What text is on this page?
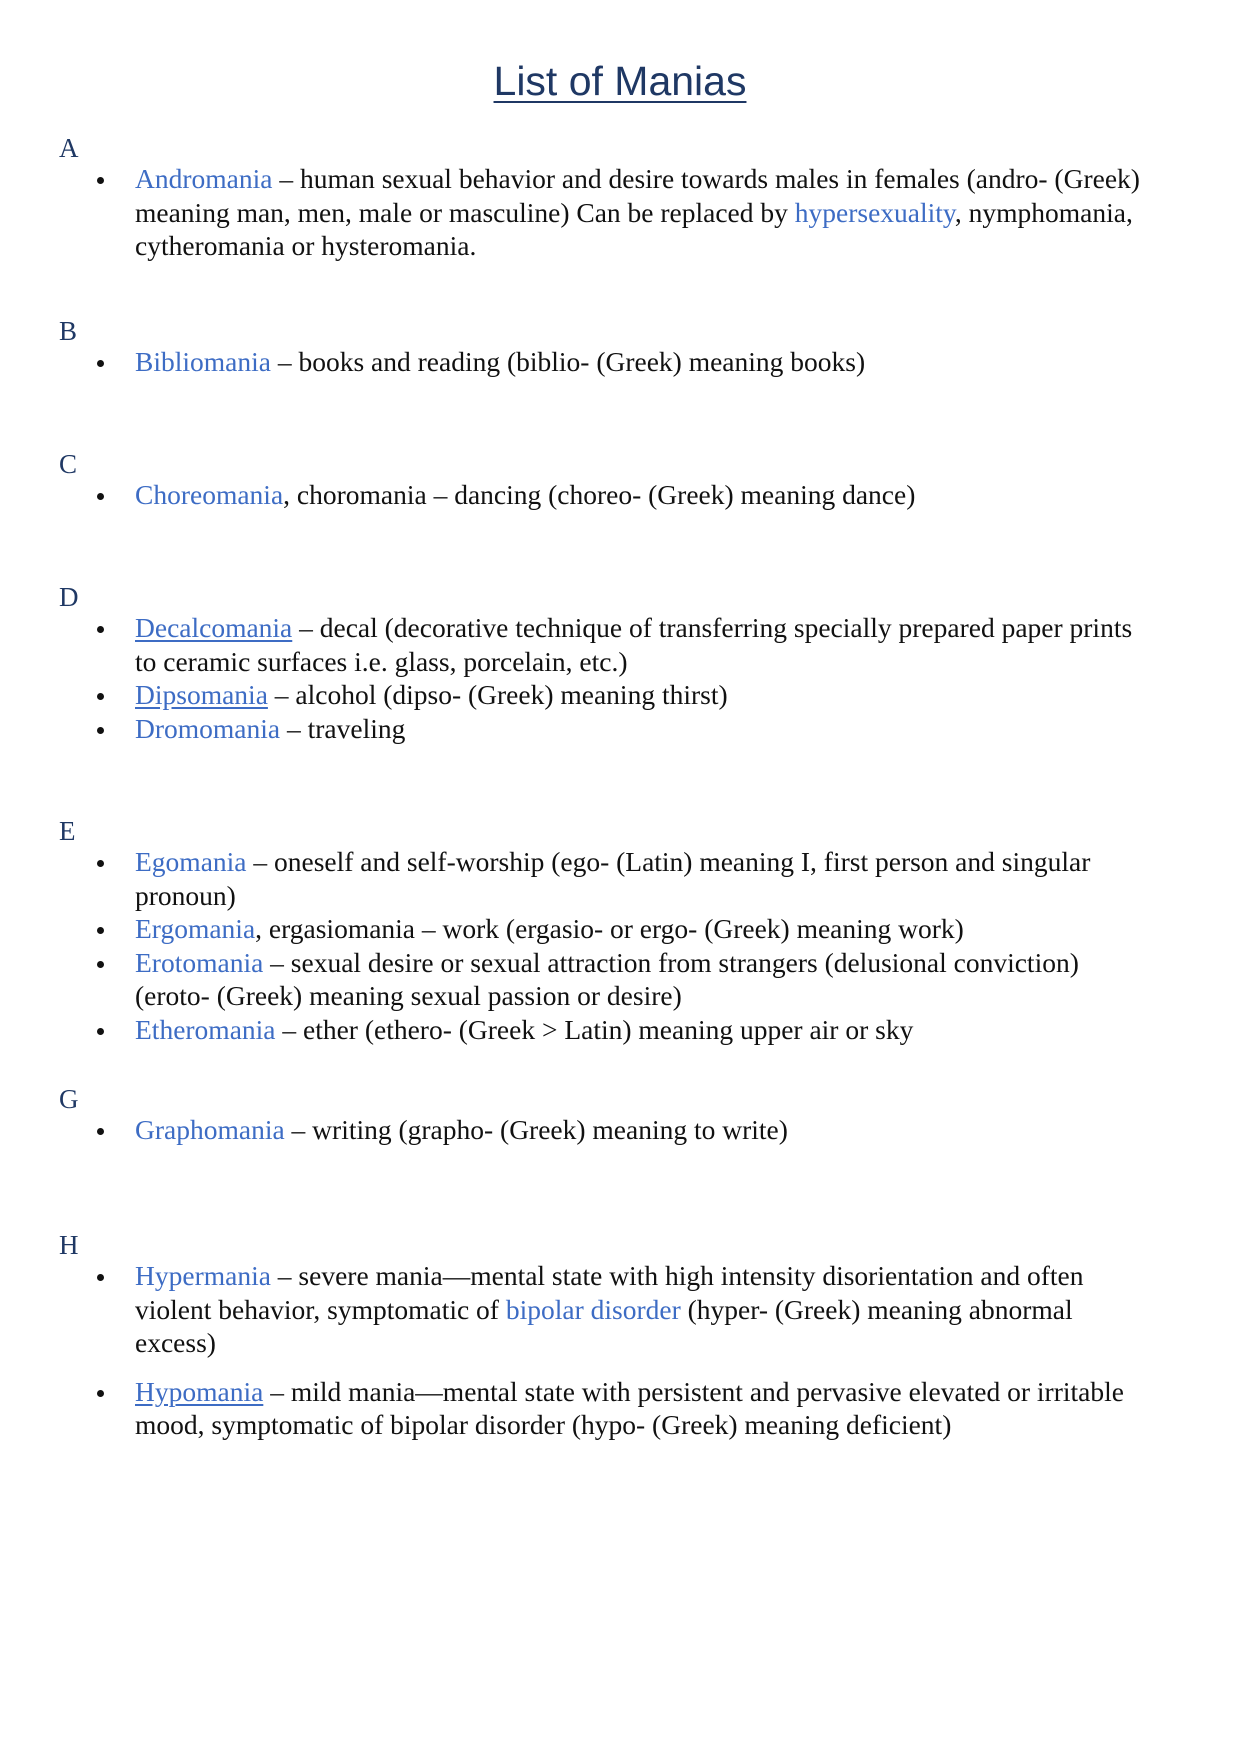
List of Manias
A
Andromania – human sexual behavior and desire towards males in females (andro- (Greek) meaning man, men, male or masculine) Can be replaced by hypersexuality, nymphomania, cytheromania or hysteromania.
B
Bibliomania – books and reading (biblio- (Greek) meaning books)
C
Choreomania, choromania – dancing (choreo- (Greek) meaning dance)
D
Decalcomania – decal (decorative technique of transferring specially prepared paper prints to ceramic surfaces i.e. glass, porcelain, etc.)
Dipsomania – alcohol (dipso- (Greek) meaning thirst)
Dromomania – traveling
E
Egomania – oneself and self-worship (ego- (Latin) meaning I, first person and singular pronoun)
Ergomania, ergasiomania – work (ergasio- or ergo- (Greek) meaning work)
Erotomania – sexual desire or sexual attraction from strangers (delusional conviction) (eroto- (Greek) meaning sexual passion or desire)
Etheromania – ether (ethero- (Greek > Latin) meaning upper air or sky
G
Graphomania – writing (grapho- (Greek) meaning to write)
H
Hypermania – severe mania—mental state with high intensity disorientation and often violent behavior, symptomatic of bipolar disorder (hyper- (Greek) meaning abnormal excess)
Hypomania – mild mania—mental state with persistent and pervasive elevated or irritable mood, symptomatic of bipolar disorder (hypo- (Greek) meaning deficient)
